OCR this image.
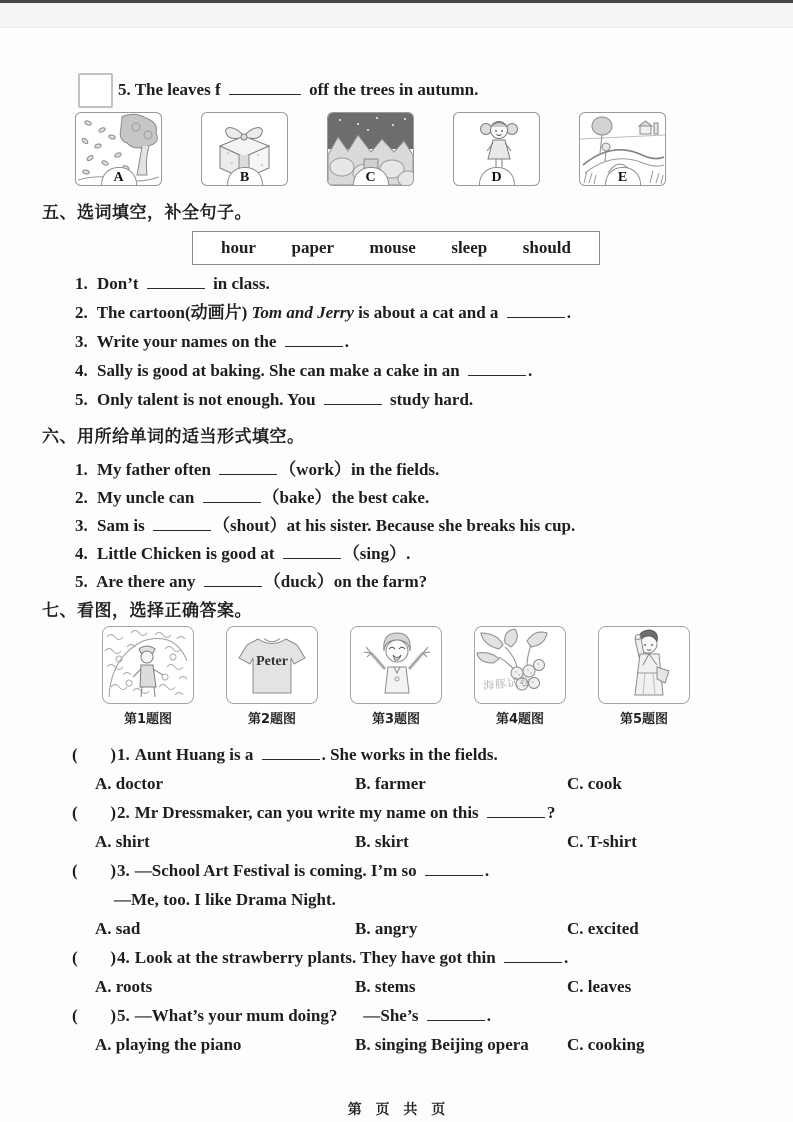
5. The leaves f	off the trees in autumn.
A	B	C	D	E
五、选词填空，补全句子。
hour paper mouse sleep should
1. Don’t	in class.
2. The cartoon(动画片) Tom and Jerry is about a cat and a	.
3. Write your names on the	.
4. Sally is good at baking. She can make a cake in an	.
5. Only talent is not enough. You	study hard.
六、用所给单词的适当形式填空。
1. My father often	（work）in the fields.
2. My uncle can	（bake）the best cake.
3. Sam is	（shout）at his sister. Because she breaks his cup.
4. Little Chicken is good at	（sing）.
5. Are there any	（duck）on the farm?
七、看图，选择正确答案。
第1题图
Peter
第2题图	第3题图
海豚试卷
第4题图	第5题图
( ) 1. Aunt Huang is a	. She works in the fields.
A. doctor	B. farmer	C. cook
( ) 2. Mr Dressmaker, can you write my name on this	?
A. shirt	B. skirt	C. T-shirt
( ) 3. —School Art Festival is coming. I’m so	.
—Me, too. I like Drama Night.
A. sad	B. angry	C. excited
( ) 4. Look at the strawberry plants. They have got thin	.
A. roots	B. stems	C. leaves
( ) 5. —What’s your mum doing? —She’s	.
A. playing the piano	B. singing Beijing opera	C. cooking
第 页 共 页
